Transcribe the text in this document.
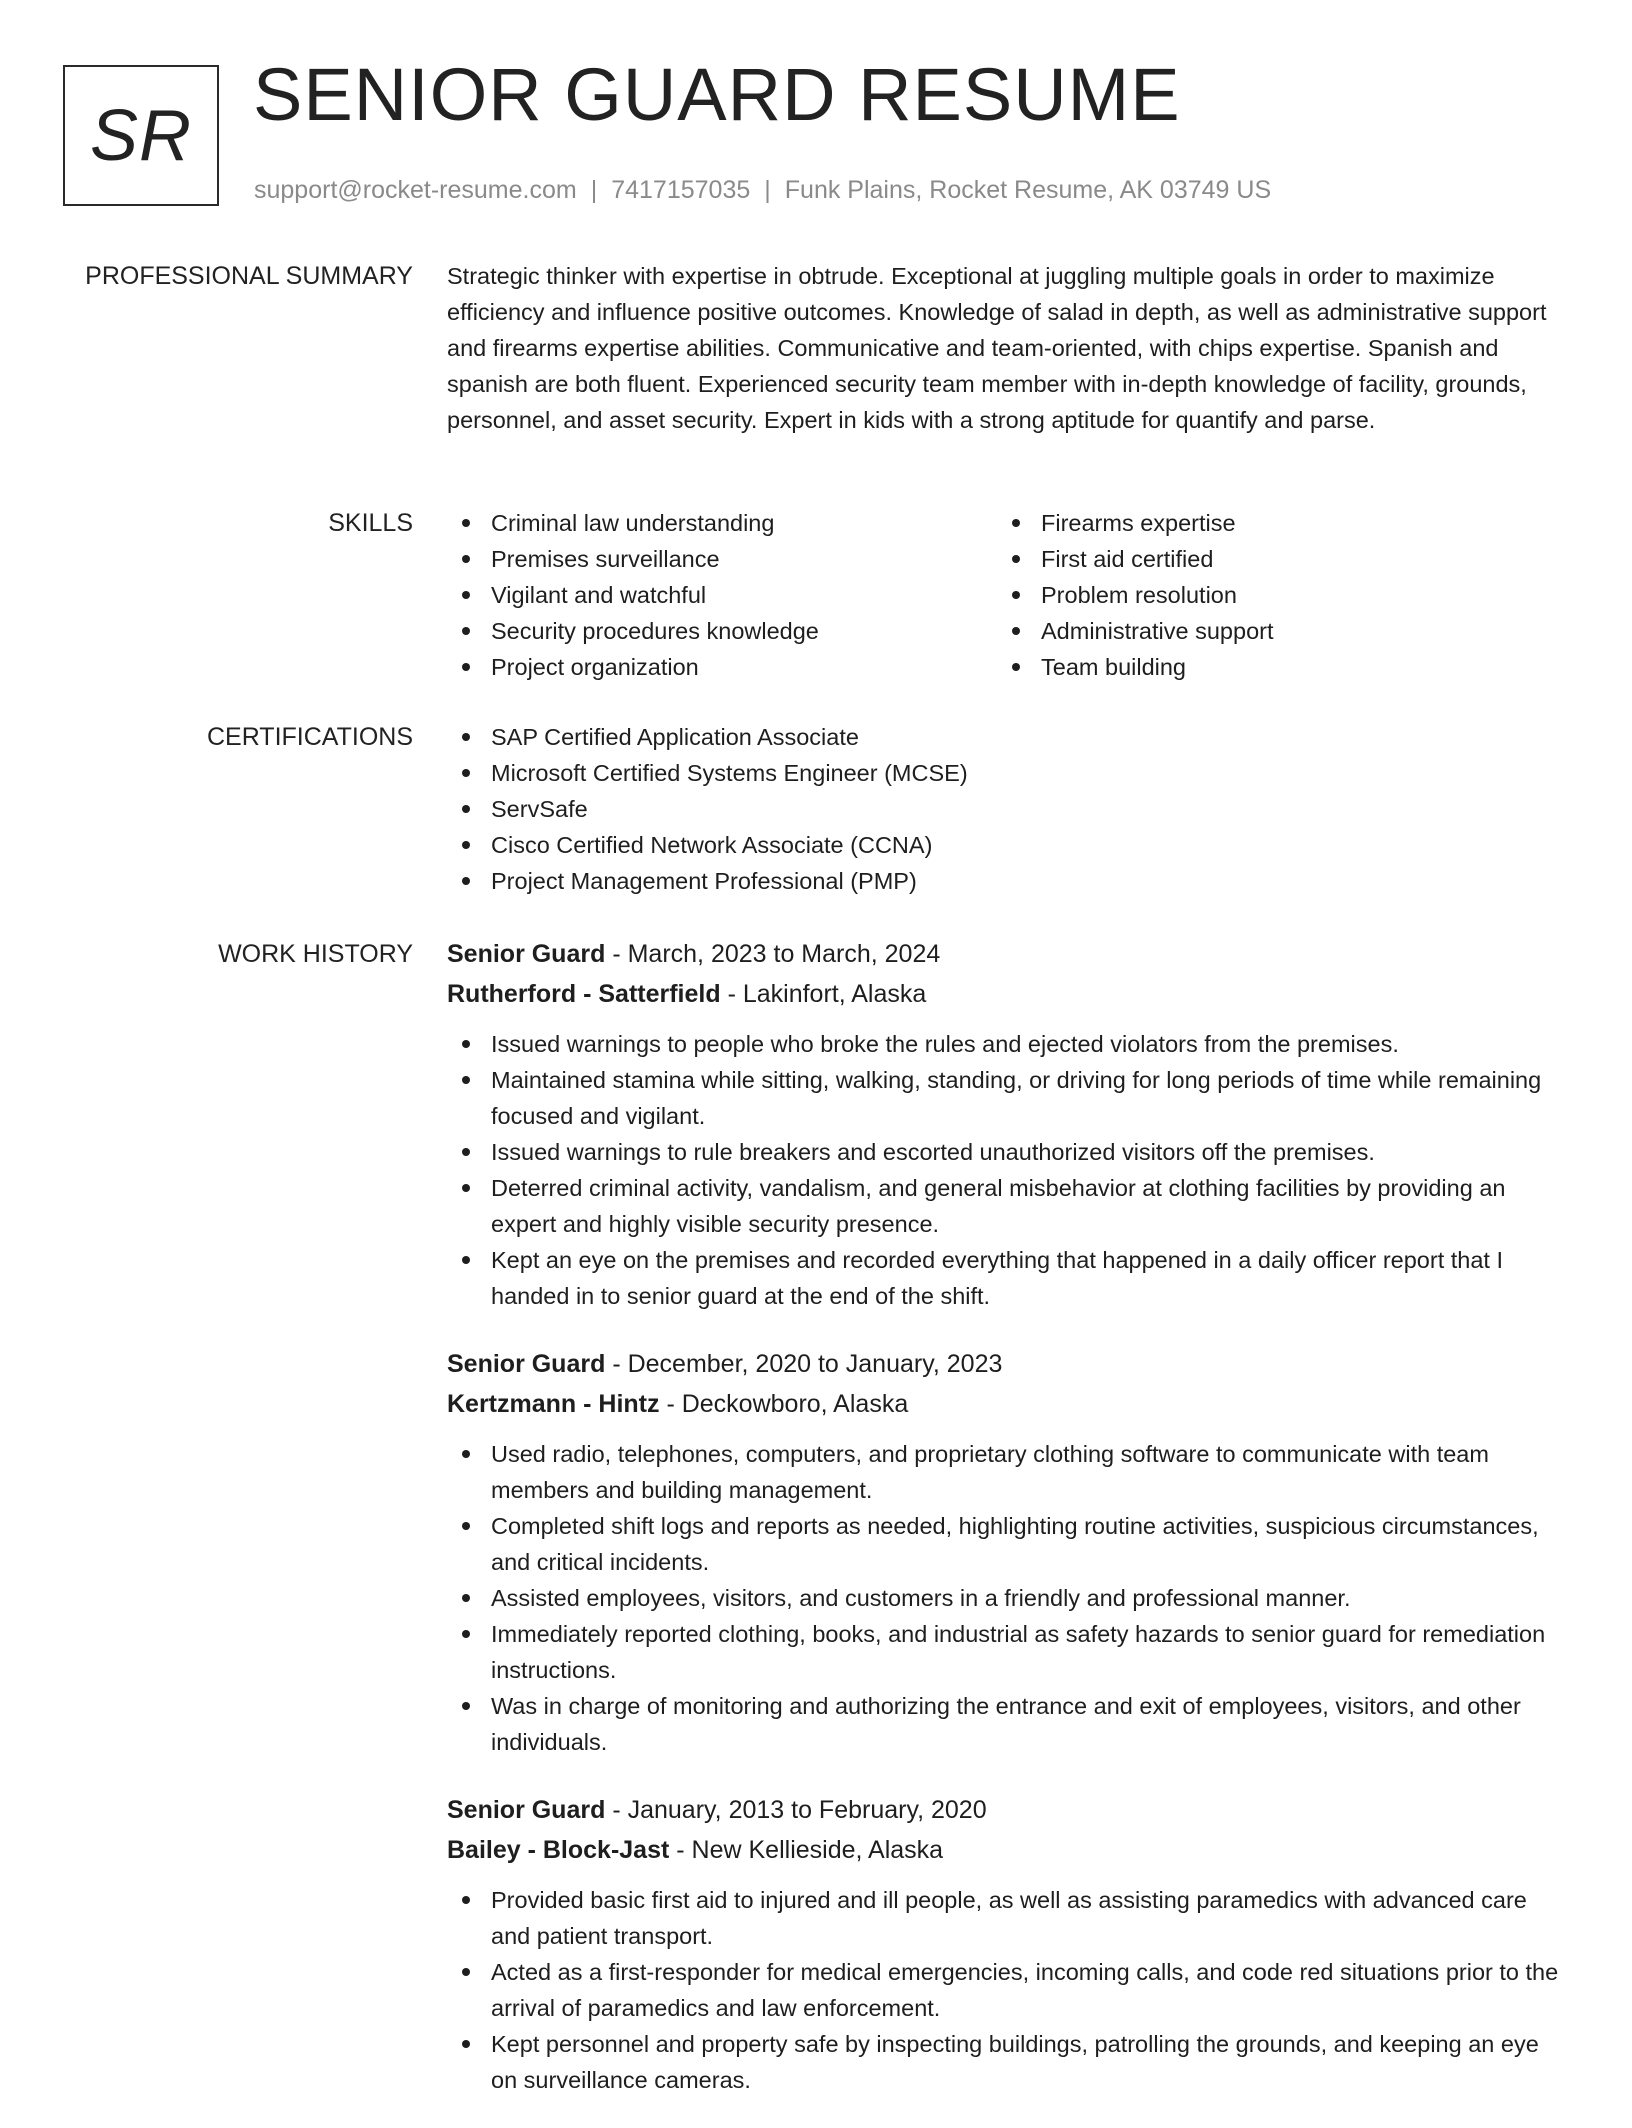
SR SENIOR GUARD RESUME
support@rocket-resume.com | 7417157035 | Funk Plains, Rocket Resume, AK 03749 US
PROFESSIONAL SUMMARY Strategic thinker with expertise in obtrude. Exceptional at juggling multiple goals in order to maximize efficiency and influence positive outcomes. Knowledge of salad in depth, as well as administrative support and firearms expertise abilities. Communicative and team-oriented, with chips expertise. Spanish and spanish are both fluent. Experienced security team member with in-depth knowledge of facility, grounds, personnel, and asset security. Expert in kids with a strong aptitude for quantify and parse.

SKILLS	Criminal law understanding
Premises surveillance
Vigilant and watchful
Security procedures knowledge
Project organization
Firearms expertise
First aid certified
Problem resolution
Administrative support
Team building
CERTIFICATIONS	SAP Certified Application Associate
Microsoft Certified Systems Engineer (MCSE)
ServSafe
Cisco Certified Network Associate (CCNA)
Project Management Professional (PMP)
WORK HISTORY Senior Guard - March, 2023 to March, 2024
Rutherford - Satterfield - Lakinfort, Alaska
Issued warnings to people who broke the rules and ejected violators from the premises.
Maintained stamina while sitting, walking, standing, or driving for long periods of time while remaining focused and vigilant.
Issued warnings to rule breakers and escorted unauthorized visitors off the premises.
Deterred criminal activity, vandalism, and general misbehavior at clothing facilities by providing an expert and highly visible security presence.
Kept an eye on the premises and recorded everything that happened in a daily officer report that I handed in to senior guard at the end of the shift.
Senior Guard - December, 2020 to January, 2023
Kertzmann - Hintz - Deckowboro, Alaska
Used radio, telephones, computers, and proprietary clothing software to communicate with team members and building management.
Completed shift logs and reports as needed, highlighting routine activities, suspicious circumstances, and critical incidents.
Assisted employees, visitors, and customers in a friendly and professional manner.
Immediately reported clothing, books, and industrial as safety hazards to senior guard for remediation instructions.
Was in charge of monitoring and authorizing the entrance and exit of employees, visitors, and other individuals.
Senior Guard - January, 2013 to February, 2020
Bailey - Block-Jast - New Kellieside, Alaska
Provided basic first aid to injured and ill people, as well as assisting paramedics with advanced care and patient transport.
Acted as a first-responder for medical emergencies, incoming calls, and code red situations prior to the arrival of paramedics and law enforcement.
Kept personnel and property safe by inspecting buildings, patrolling the grounds, and keeping an eye on surveillance cameras.
